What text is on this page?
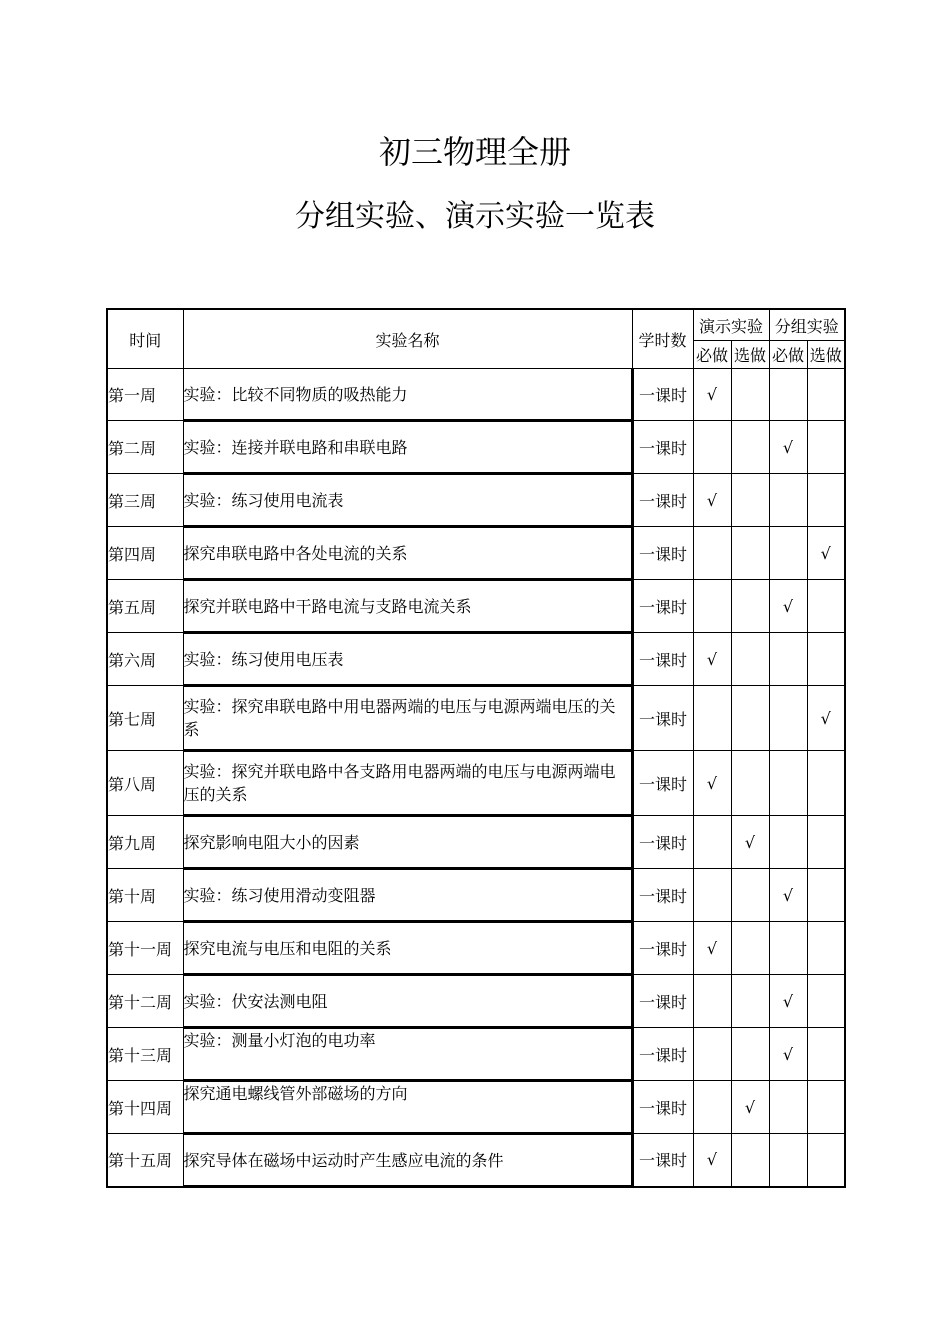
初三物理全册
分组实验、演示实验一览表
时间	实验名称	学时数	演示实验		分组实验	
			必做	选做	必做	选做
第一周	实验：比较不同物质的吸热能力	一课时	√			
第二周	实验：连接并联电路和串联电路	一课时			√	
第三周	实验：练习使用电流表	一课时	√			
第四周	探究串联电路中各处电流的关系	一课时				√
第五周	探究并联电路中干路电流与支路电流关系	一课时			√	
第六周	实验：练习使用电压表	一课时	√			
第七周	实验：探究串联电路中用电器两端的电压与电源两端电压的关系	一课时				√
第八周	实验：探究并联电路中各支路用电器两端的电压与电源两端电压的关系	一课时	√			
第九周	探究影响电阻大小的因素	一课时		√		
第十周	实验：练习使用滑动变阻器	一课时			√	
第十一周	探究电流与电压和电阻的关系	一课时	√			
第十二周	实验：伏安法测电阻	一课时			√	
第十三周	实验：测量小灯泡的电功率	一课时			√	
第十四周	探究通电螺线管外部磁场的方向	一课时		√		
第十五周	探究导体在磁场中运动时产生感应电流的条件	一课时	√			
